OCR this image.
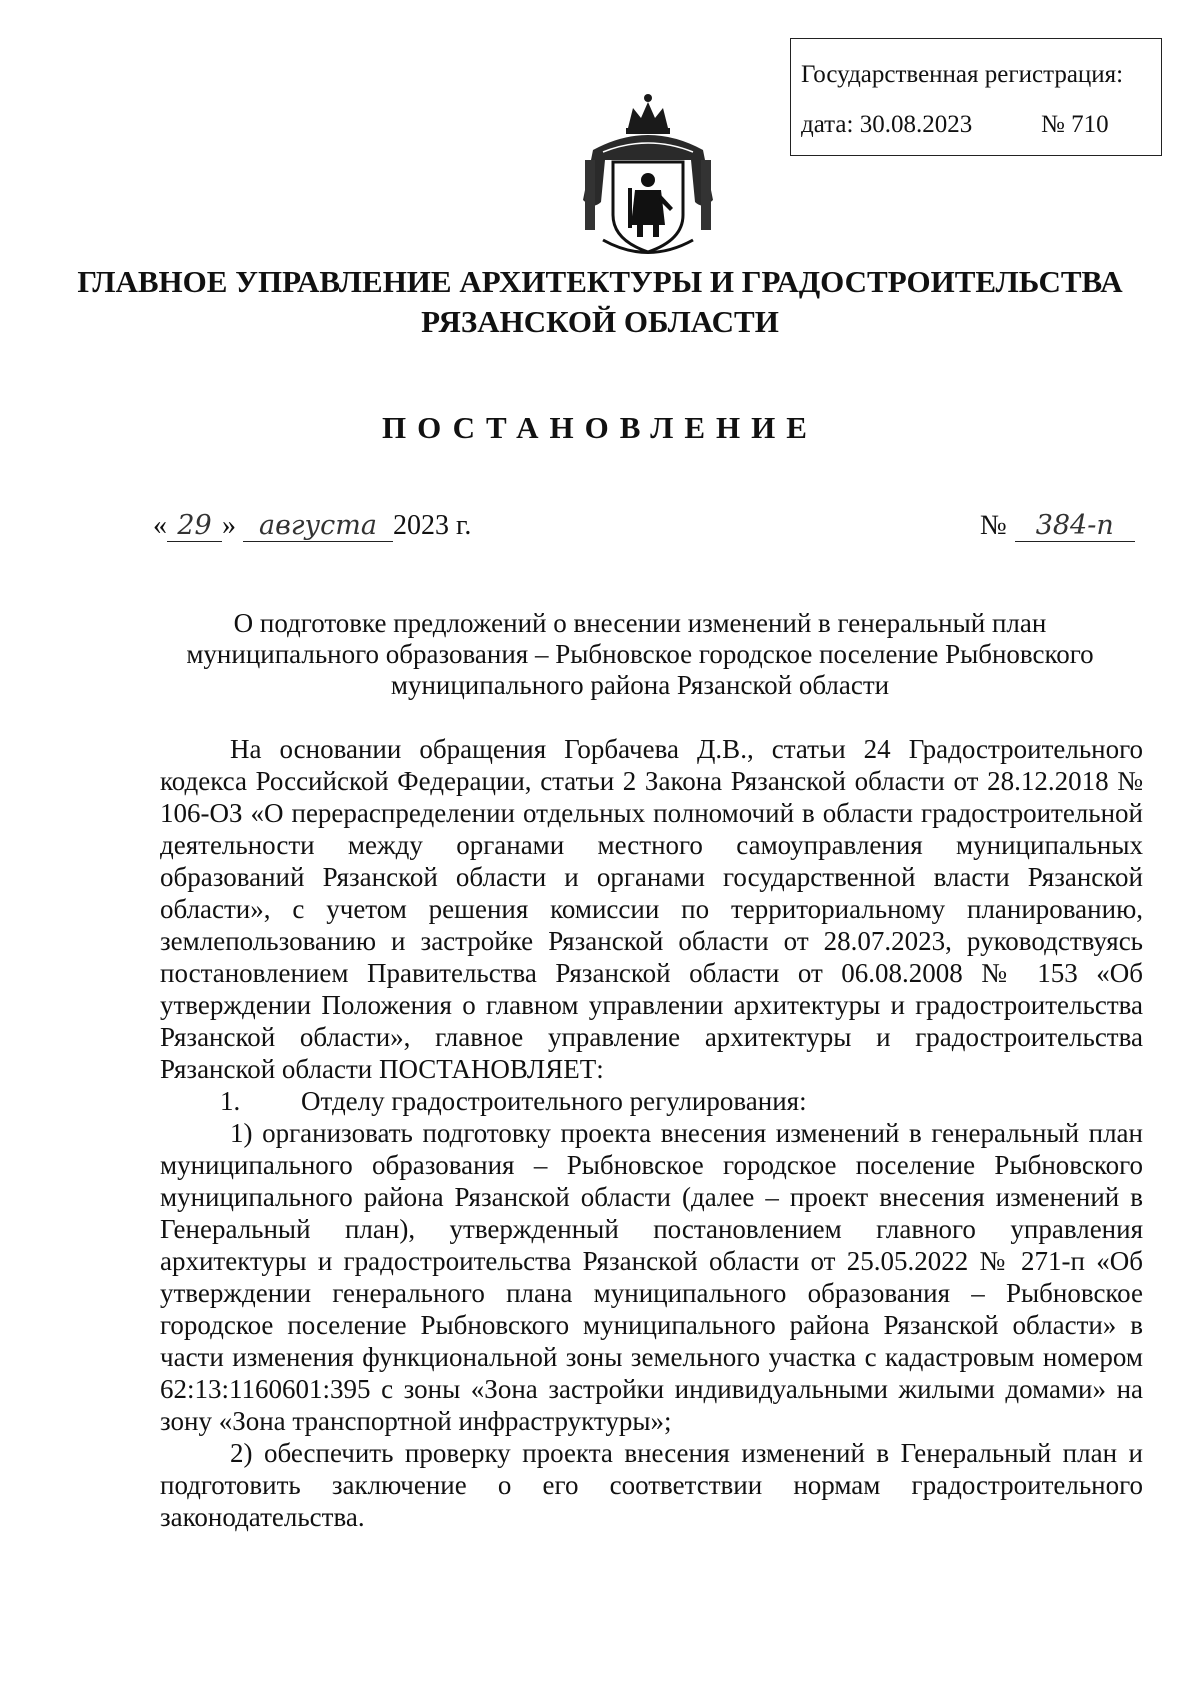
Государственная регистрация:
дата: 30.08.2023	№ 710
ГЛАВНОЕ УПРАВЛЕНИЕ АРХИТЕКТУРЫ И ГРАДОСТРОИТЕЛЬСТВА
РЯЗАНСКОЙ ОБЛАСТИ
ПОСТАНОВЛЕНИЕ
« 29 » августа 2023 г.	№ 384-п
О подготовке предложений о внесении изменений в генеральный план
муниципального образования – Рыбновское городское поселение Рыбновского
муниципального района Рязанской области

На основании обращения Горбачева Д.В., статьи 24 Градостроительного кодекса Российской Федерации, статьи 2 Закона Рязанской области от 28.12.2018 № 106-ОЗ «О перераспределении отдельных полномочий в области градостроительной деятельности между органами местного самоуправления муниципальных образований Рязанской области и органами государственной власти Рязанской области», с учетом решения комиссии по территориальному планированию, землепользованию и застройке Рязанской области от 28.07.2023, руководствуясь постановлением Правительства Рязанской области от 06.08.2008 № 153 «Об утверждении Положения о главном управлении архитектуры и градостроительства Рязанской области», главное управление архитектуры и градостроительства Рязанской области ПОСТАНОВЛЯЕТ:

1. Отделу градостроительного регулирования:

1) организовать подготовку проекта внесения изменений в генеральный план муниципального образования – Рыбновское городское поселение Рыбновского муниципального района Рязанской области (далее – проект внесения изменений в Генеральный план), утвержденный постановлением главного управления архитектуры и градостроительства Рязанской области от 25.05.2022 № 271-п «Об утверждении генерального плана муниципального образования – Рыбновское городское поселение Рыбновского муниципального района Рязанской области» в части изменения функциональной зоны земельного участка с кадастровым номером 62:13:1160601:395 с зоны «Зона застройки индивидуальными жилыми домами» на зону «Зона транспортной инфраструктуры»;

2) обеспечить проверку проекта внесения изменений в Генеральный план и подготовить заключение о его соответствии нормам градостроительного законодательства.
